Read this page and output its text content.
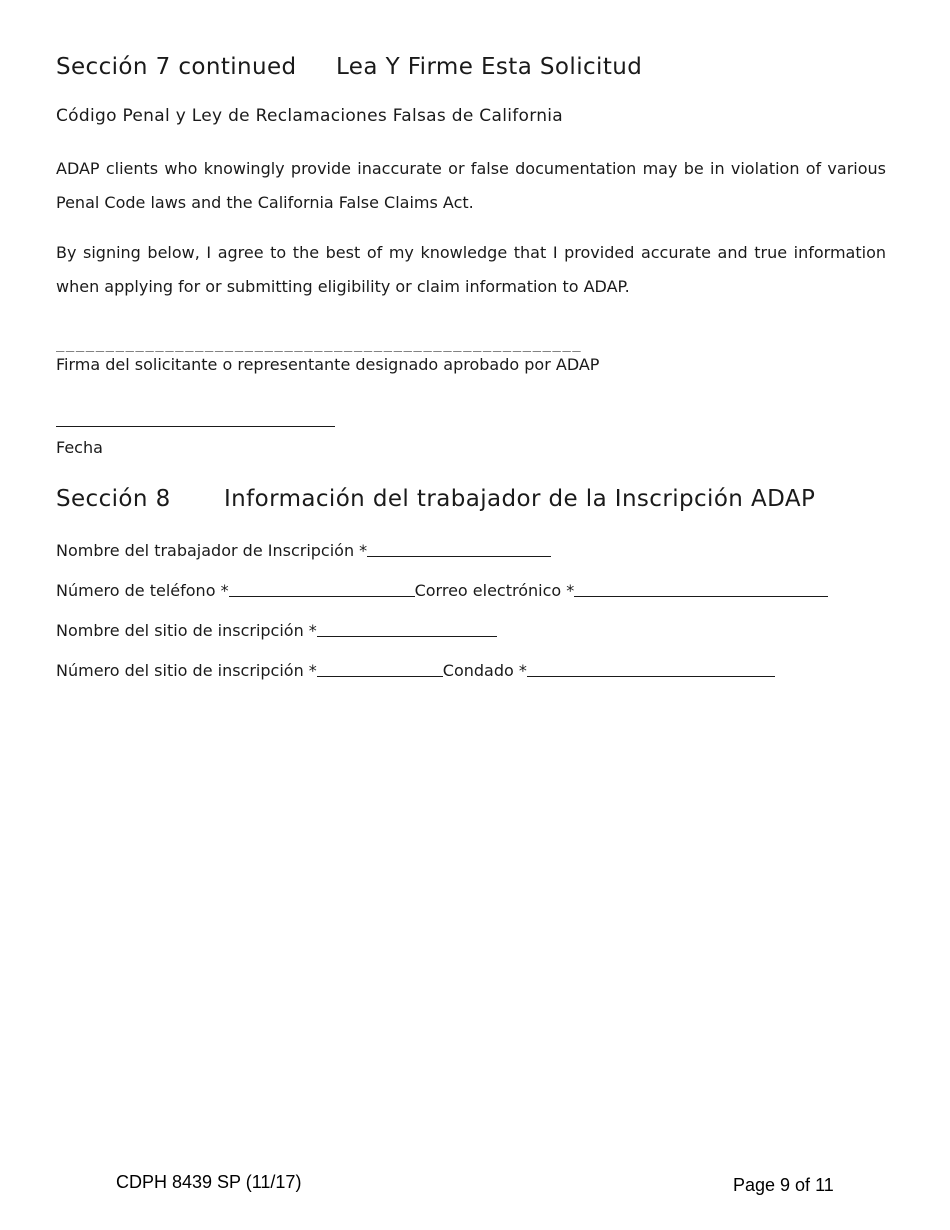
Sección 7 continued Lea Y Firme Esta Solicitud
Código Penal y Ley de Reclamaciones Falsas de California
ADAP clients who knowingly provide inaccurate or false documentation may be in violation of various Penal Code laws and the California False Claims Act.
By signing below, I agree to the best of my knowledge that I provided accurate and true information when applying for or submitting eligibility or claim information to ADAP.
_____________________________________________________
Firma del solicitante o representante designado aprobado por ADAP
Fecha
Sección 8 Información del trabajador de la Inscripción ADAP
Nombre del trabajador de Inscripción *
Número de teléfono *	Correo electrónico *
Nombre del sitio de inscripción *
Número del sitio de inscripción *	Condado *
CDPH 8439 SP (11/17)	Page 9 of 11
